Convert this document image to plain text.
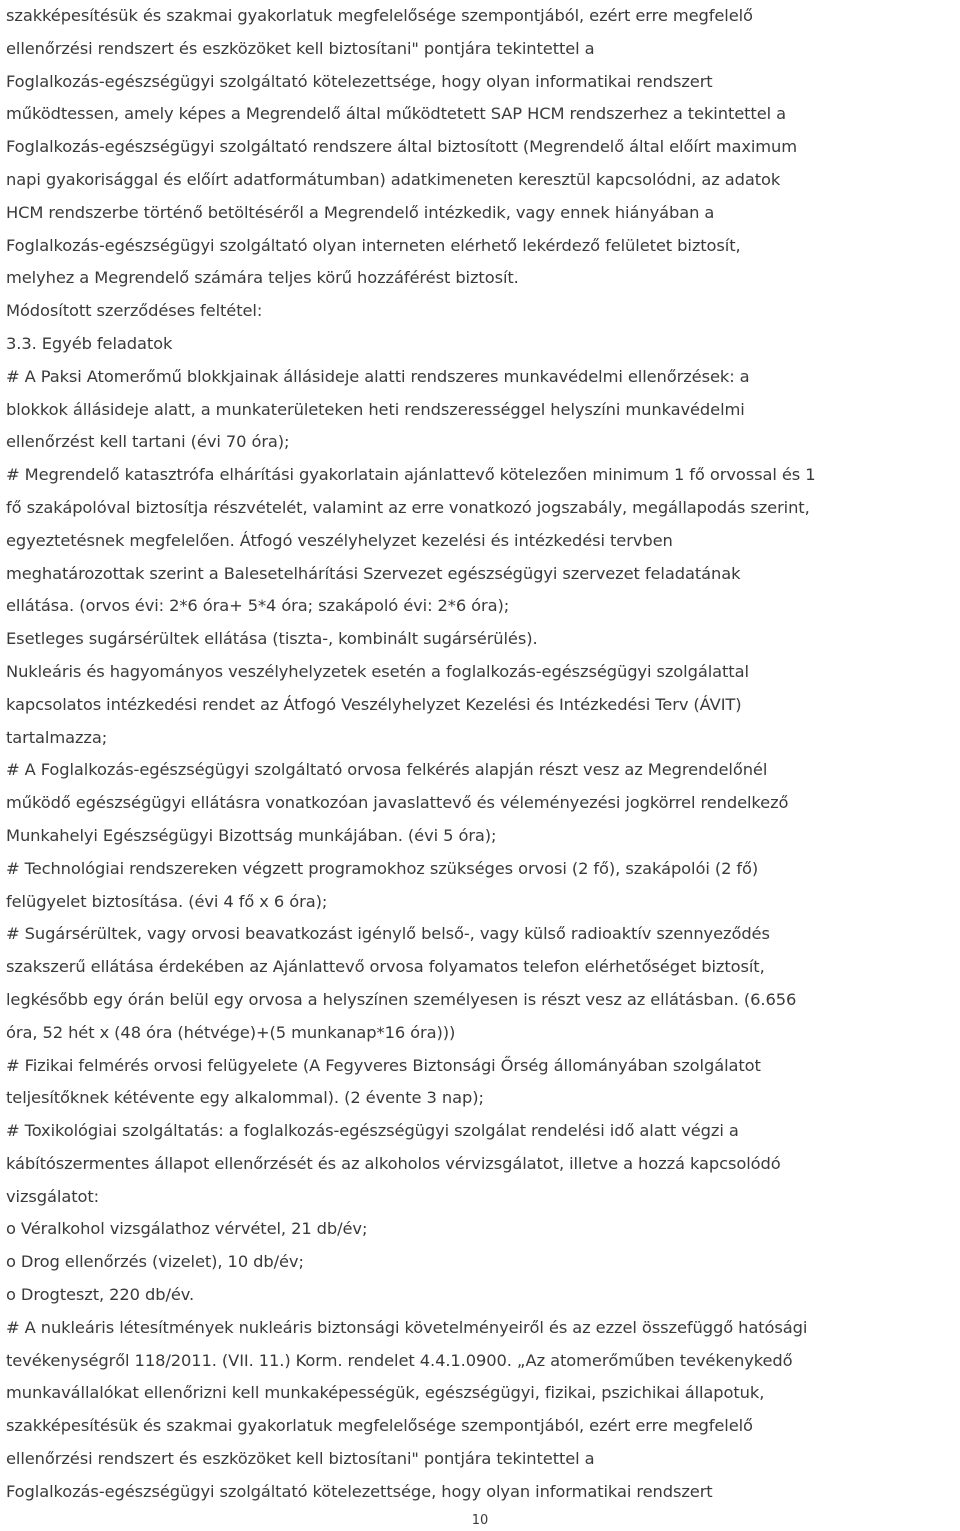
szakképesítésük és szakmai gyakorlatuk megfelelősége szempontjából, ezért erre megfelelő
ellenőrzési rendszert és eszközöket kell biztosítani" pontjára tekintettel a
Foglalkozás-egészségügyi szolgáltató kötelezettsége, hogy olyan informatikai rendszert
működtessen, amely képes a Megrendelő által működtetett SAP HCM rendszerhez a tekintettel a
Foglalkozás-egészségügyi szolgáltató rendszere által biztosított (Megrendelő által előírt maximum
napi gyakorisággal és előírt adatformátumban) adatkimeneten keresztül kapcsolódni, az adatok
HCM rendszerbe történő betöltéséről a Megrendelő intézkedik, vagy ennek hiányában a
Foglalkozás-egészségügyi szolgáltató olyan interneten elérhető lekérdező felületet biztosít,
melyhez a Megrendelő számára teljes körű hozzáférést biztosít.
Módosított szerződéses feltétel:
3.3. Egyéb feladatok
# A Paksi Atomerőmű blokkjainak állásideje alatti rendszeres munkavédelmi ellenőrzések: a
blokkok állásideje alatt, a munkaterületeken heti rendszerességgel helyszíni munkavédelmi
ellenőrzést kell tartani (évi 70 óra);
# Megrendelő katasztrófa elhárítási gyakorlatain ajánlattevő kötelezően minimum 1 fő orvossal és 1
fő szakápolóval biztosítja részvételét, valamint az erre vonatkozó jogszabály, megállapodás szerint,
egyeztetésnek megfelelően. Átfogó veszélyhelyzet kezelési és intézkedési tervben
meghatározottak szerint a Balesetelhárítási Szervezet egészségügyi szervezet feladatának
ellátása. (orvos évi: 2*6 óra+ 5*4 óra; szakápoló évi: 2*6 óra);
Esetleges sugársérültek ellátása (tiszta-, kombinált sugársérülés).
Nukleáris és hagyományos veszélyhelyzetek esetén a foglalkozás-egészségügyi szolgálattal
kapcsolatos intézkedési rendet az Átfogó Veszélyhelyzet Kezelési és Intézkedési Terv (ÁVIT)
tartalmazza;
# A Foglalkozás-egészségügyi szolgáltató orvosa felkérés alapján részt vesz az Megrendelőnél
működő egészségügyi ellátásra vonatkozóan javaslattevő és véleményezési jogkörrel rendelkező
Munkahelyi Egészségügyi Bizottság munkájában. (évi 5 óra);
# Technológiai rendszereken végzett programokhoz szükséges orvosi (2 fő), szakápolói (2 fő)
felügyelet biztosítása. (évi 4 fő x 6 óra);
# Sugársérültek, vagy orvosi beavatkozást igénylő belső-, vagy külső radioaktív szennyeződés
szakszerű ellátása érdekében az Ajánlattevő orvosa folyamatos telefon elérhetőséget biztosít,
legkésőbb egy órán belül egy orvosa a helyszínen személyesen is részt vesz az ellátásban. (6.656
óra, 52 hét x (48 óra (hétvége)+(5 munkanap*16 óra)))
# Fizikai felmérés orvosi felügyelete (A Fegyveres Biztonsági Őrség állományában szolgálatot
teljesítőknek kétévente egy alkalommal). (2 évente 3 nap);
# Toxikológiai szolgáltatás: a foglalkozás-egészségügyi szolgálat rendelési idő alatt végzi a
kábítószermentes állapot ellenőrzését és az alkoholos vérvizsgálatot, illetve a hozzá kapcsolódó
vizsgálatot:
o Véralkohol vizsgálathoz vérvétel, 21 db/év;
o Drog ellenőrzés (vizelet), 10 db/év;
o Drogteszt, 220 db/év.
# A nukleáris létesítmények nukleáris biztonsági követelményeiről és az ezzel összefüggő hatósági
tevékenységről 118/2011. (VII. 11.) Korm. rendelet 4.4.1.0900. „Az atomerőműben tevékenykedő
munkavállalókat ellenőrizni kell munkaképességük, egészségügyi, fizikai, pszichikai állapotuk,
szakképesítésük és szakmai gyakorlatuk megfelelősége szempontjából, ezért erre megfelelő
ellenőrzési rendszert és eszközöket kell biztosítani" pontjára tekintettel a
Foglalkozás-egészségügyi szolgáltató kötelezettsége, hogy olyan informatikai rendszert
10
